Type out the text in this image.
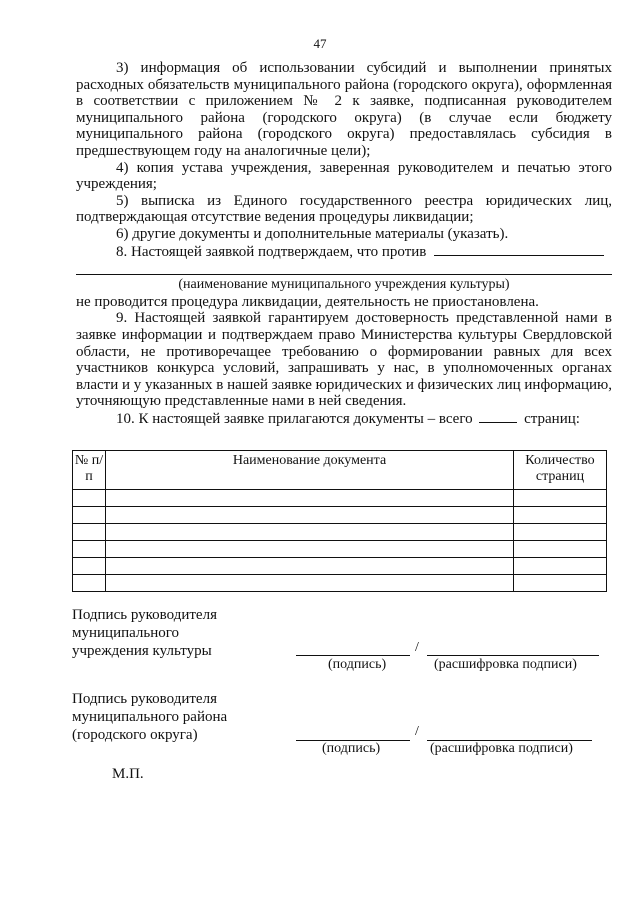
47

3) информация об использовании субсидий и выполнении принятых расходных обязательств муниципального района (городского округа), оформленная в соответствии с приложением № 2 к заявке, подписанная руководителем муниципального района (городского округа) (в случае если бюджету муниципального района (городского округа) предоставлялась субсидия в предшествующем году на аналогичные цели);

4) копия устава учреждения, заверенная руководителем и печатью этого учреждения;

5) выписка из Единого государственного реестра юридических лиц, подтверждающая отсутствие ведения процедуры ликвидации;

6) другие документы и дополнительные материалы (указать).

8. Настоящей заявкой подтверждаем, что против

(наименование муниципального учреждения культуры)

не проводится процедура ликвидации, деятельность не приостановлена.

9. Настоящей заявкой гарантируем достоверность представленной нами в заявке информации и подтверждаем право Министерства культуры Свердловской области, не противоречащее требованию о формировании равных для всех участников конкурса условий, запрашивать у нас, в уполномоченных органах власти и у указанных в нашей заявке юридических и физических лиц информацию, уточняющую представленные нами в ней сведения.

10. К настоящей заявке прилагаются документы – всего	страниц:

№ п/п	Наименование документа	Количество страниц

Подпись руководителя муниципального учреждения культуры	/
(подпись)	(расшифровка подписи)
Подпись руководителя муниципального района (городского округа)	/
(подпись)	(расшифровка подписи)
М.П.
